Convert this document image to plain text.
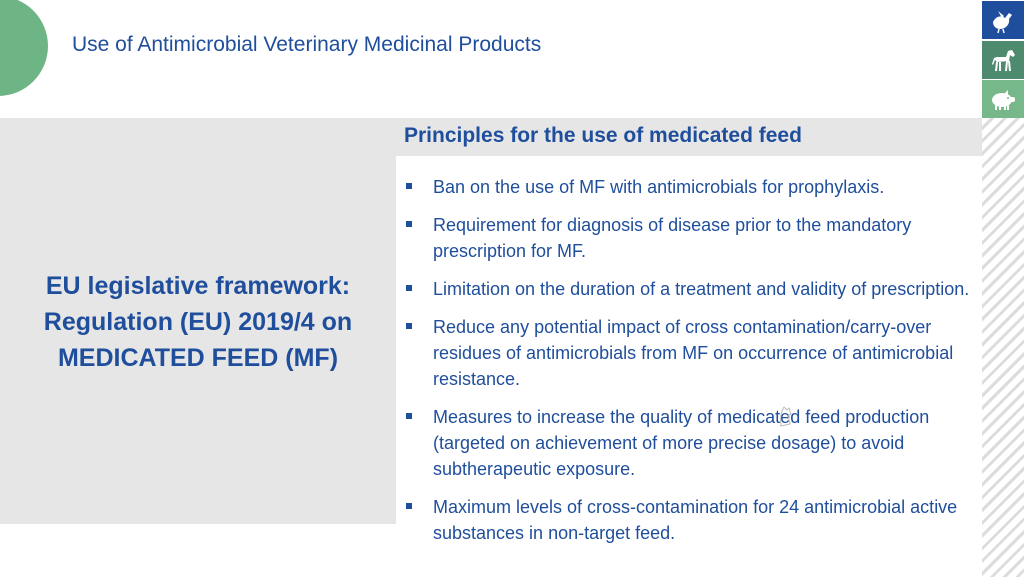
Use of Antimicrobial Veterinary Medicinal Products
EU legislative framework:
Regulation (EU) 2019/4 on
MEDICATED FEED (MF)
Principles for the use of medicated feed
Ban on the use of MF with antimicrobials for prophylaxis.
Requirement for diagnosis of disease prior to the mandatory prescription for MF.
Limitation on the duration of a treatment and validity of prescription.
Reduce any potential impact of cross contamination/carry-over residues of antimicrobials from MF on occurrence of antimicrobial resistance.
Measures to increase the quality of medicated feed production (targeted on achievement of more precise dosage) to avoid subtherapeutic exposure.
Maximum levels of cross-contamination for 24 antimicrobial active substances in non-target feed.
